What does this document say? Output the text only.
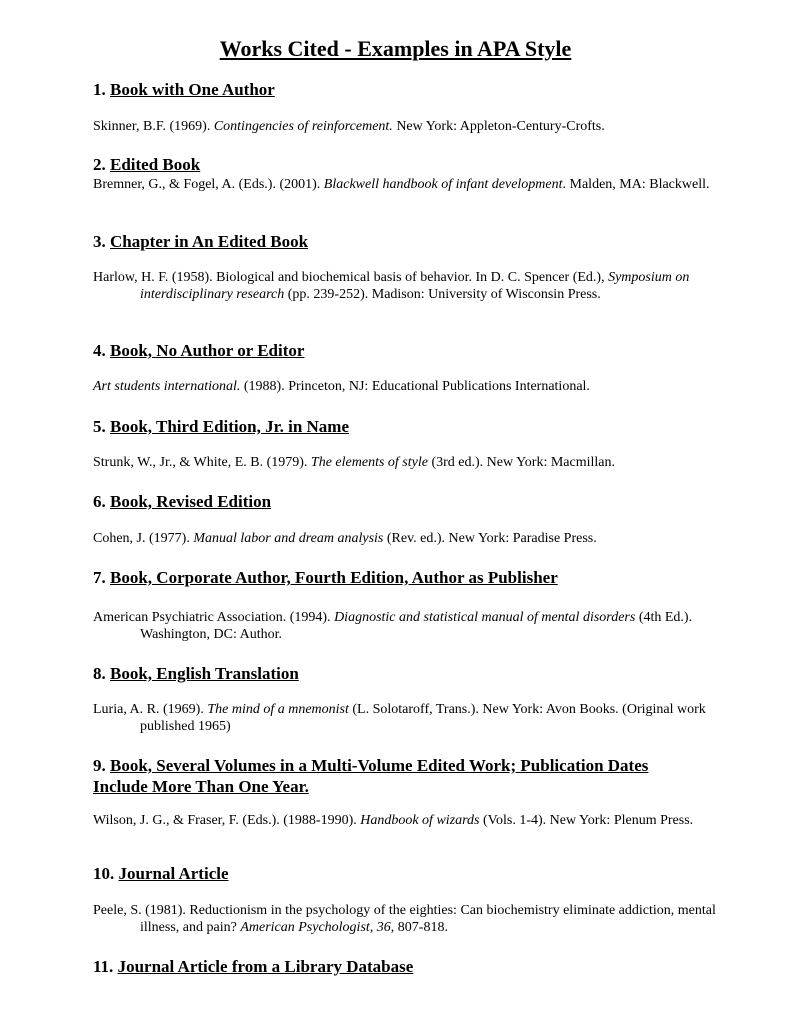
Works Cited - Examples in APA Style

1. Book with One Author

Skinner, B.F. (1969). Contingencies of reinforcement. New York: Appleton-Century-Crofts.

2. Edited Book

Bremner, G., & Fogel, A. (Eds.). (2001). Blackwell handbook of infant development. Malden, MA: Blackwell.

3. Chapter in An Edited Book

Harlow, H. F. (1958). Biological and biochemical basis of behavior. In D. C. Spencer (Ed.), Symposium on interdisciplinary research (pp. 239-252). Madison: University of Wisconsin Press.

4. Book, No Author or Editor

Art students international. (1988). Princeton, NJ: Educational Publications International.

5. Book, Third Edition, Jr. in Name

Strunk, W., Jr., & White, E. B. (1979). The elements of style (3rd ed.). New York: Macmillan.

6. Book, Revised Edition

Cohen, J. (1977). Manual labor and dream analysis (Rev. ed.). New York: Paradise Press.

7. Book, Corporate Author, Fourth Edition, Author as Publisher

American Psychiatric Association. (1994). Diagnostic and statistical manual of mental disorders (4th Ed.). Washington, DC: Author.

8. Book, English Translation

Luria, A. R. (1969). The mind of a mnemonist (L. Solotaroff, Trans.). New York: Avon Books. (Original work published 1965)

9. Book, Several Volumes in a Multi-Volume Edited Work; Publication Dates Include More Than One Year.

Wilson, J. G., & Fraser, F. (Eds.). (1988-1990). Handbook of wizards (Vols. 1-4). New York: Plenum Press.

10. Journal Article

Peele, S. (1981). Reductionism in the psychology of the eighties: Can biochemistry eliminate addiction, mental illness, and pain? American Psychologist, 36, 807-818.

11. Journal Article from a Library Database
